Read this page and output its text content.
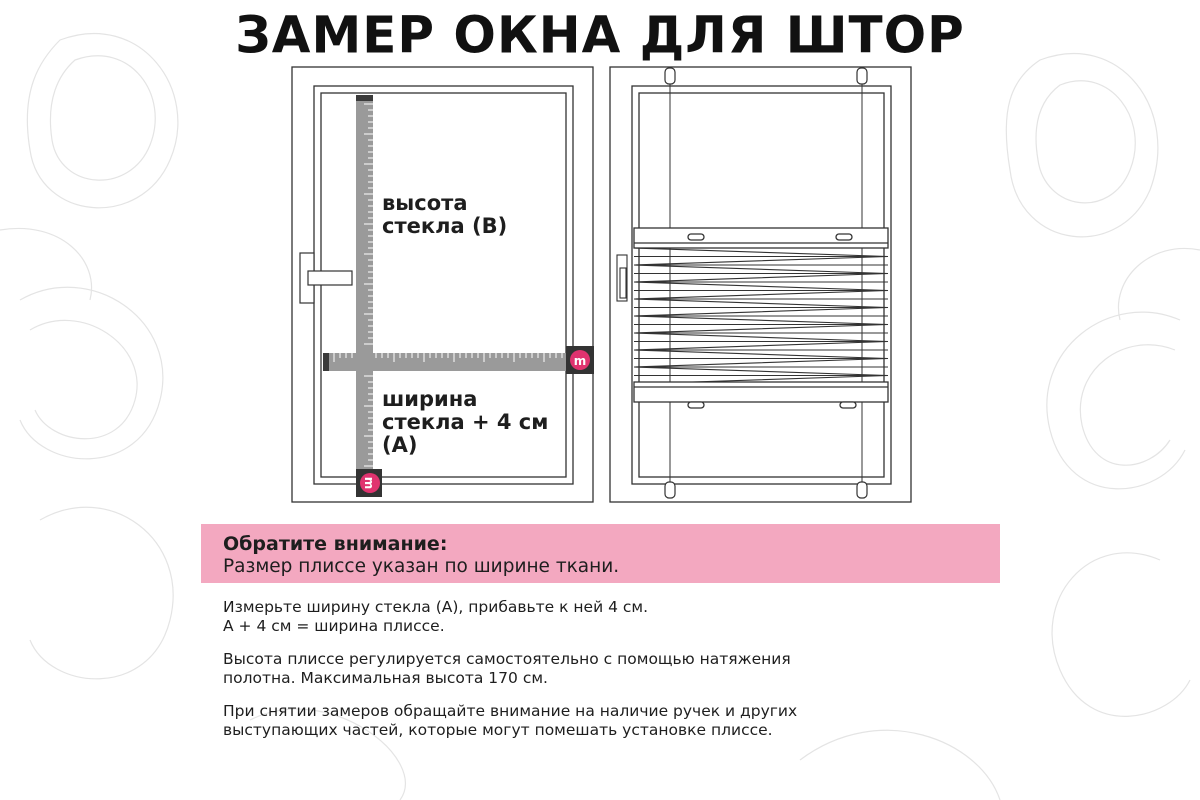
ЗАМЕР ОКНА ДЛЯ ШТОР
m
m
высота
стекла (В)
ширина
стекла + 4 см
(А)
Обратите внимание:
Размер плиссе указан по ширине ткани.

Измерьте ширину стекла (А), прибавьте к ней 4 см.
А + 4 см = ширина плиссе.

Высота плиссе регулируется самостоятельно с помощью натяжения
полотна. Максимальная высота 170 см.

При снятии замеров обращайте внимание на наличие ручек и других
выступающих частей, которые могут помешать установке плиссе.
